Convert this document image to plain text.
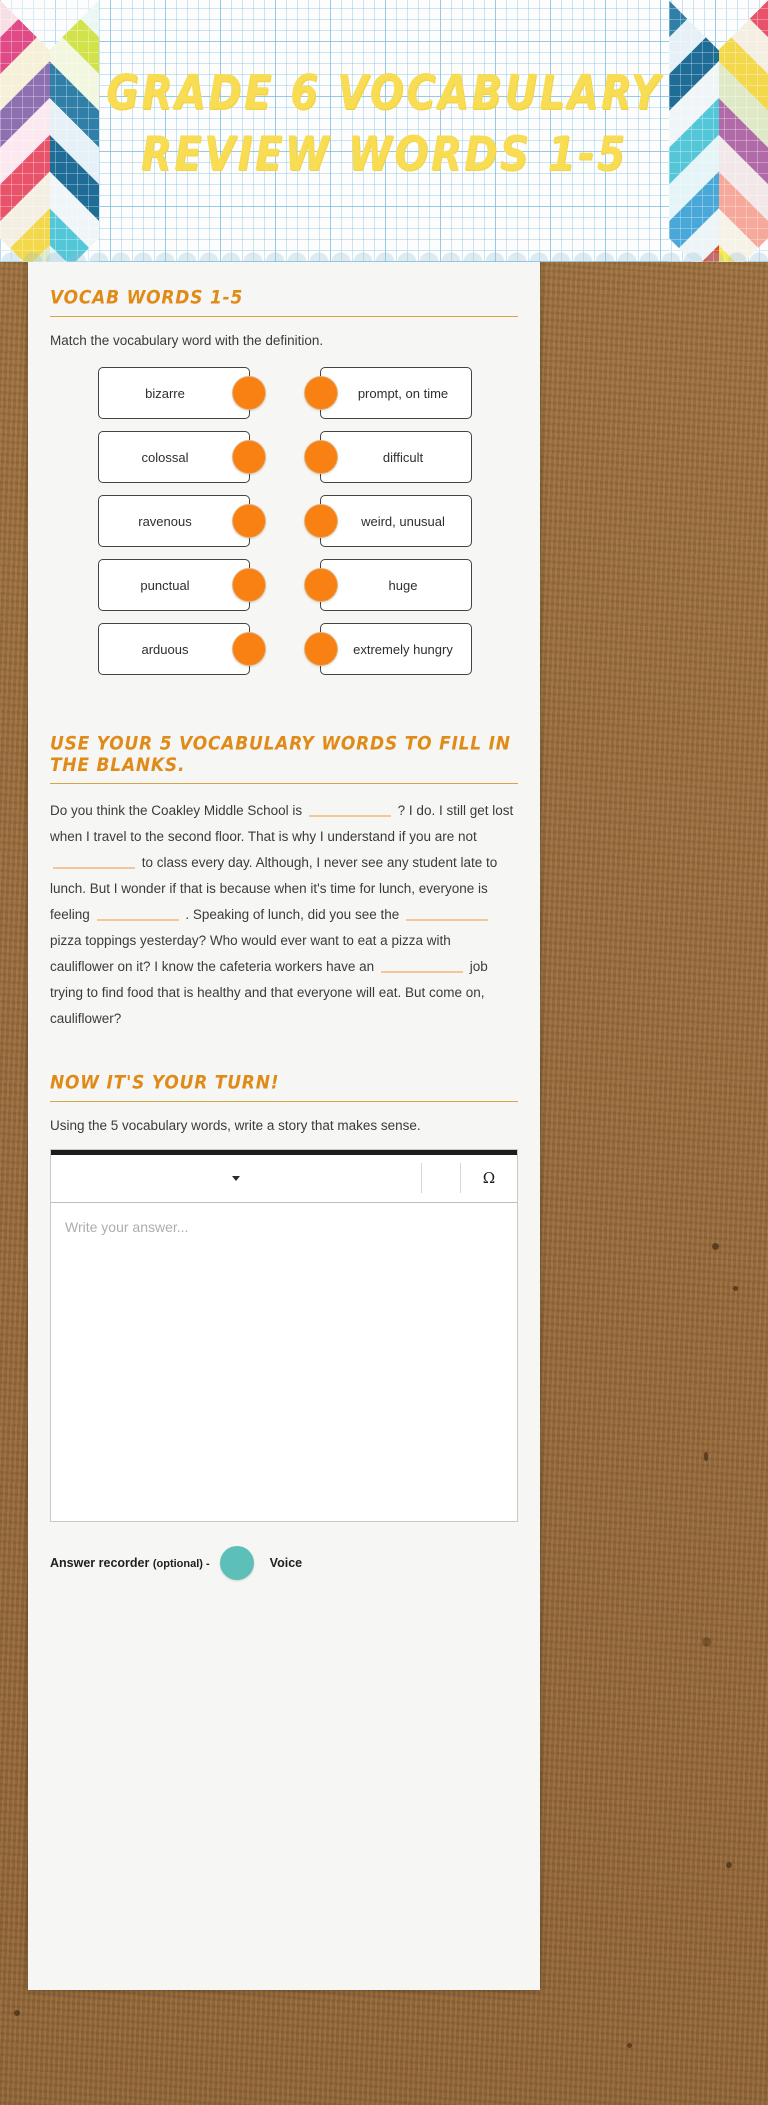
GRADE 6 VOCABULARY
REVIEW WORDS 1-5
VOCAB WORDS 1-5
Match the vocabulary word with the definition.
bizarre	prompt, on time
colossal	difficult
ravenous	weird, unusual
punctual	huge
arduous	extremely hungry
USE YOUR 5 VOCABULARY WORDS TO FILL IN THE BLANKS.

Do you think the Coakley Middle School is	? I do. I still get lost when I travel to the second floor. That is why I understand if you are not  to class every day. Although, I never see any student late to lunch. But I wonder if that is because when it's time for lunch, everyone is feeling	. Speaking of lunch, did you see the  pizza toppings yesterday? Who would ever want to eat a pizza with cauliflower on it? I know the cafeteria workers have an	job trying to find food that is healthy and that everyone will eat. But come on, cauliflower?

NOW IT'S YOUR TURN!
Using the 5 vocabulary words, write a story that makes sense.
Ω
Write your answer...
Answer recorder (optional) -	Voice
